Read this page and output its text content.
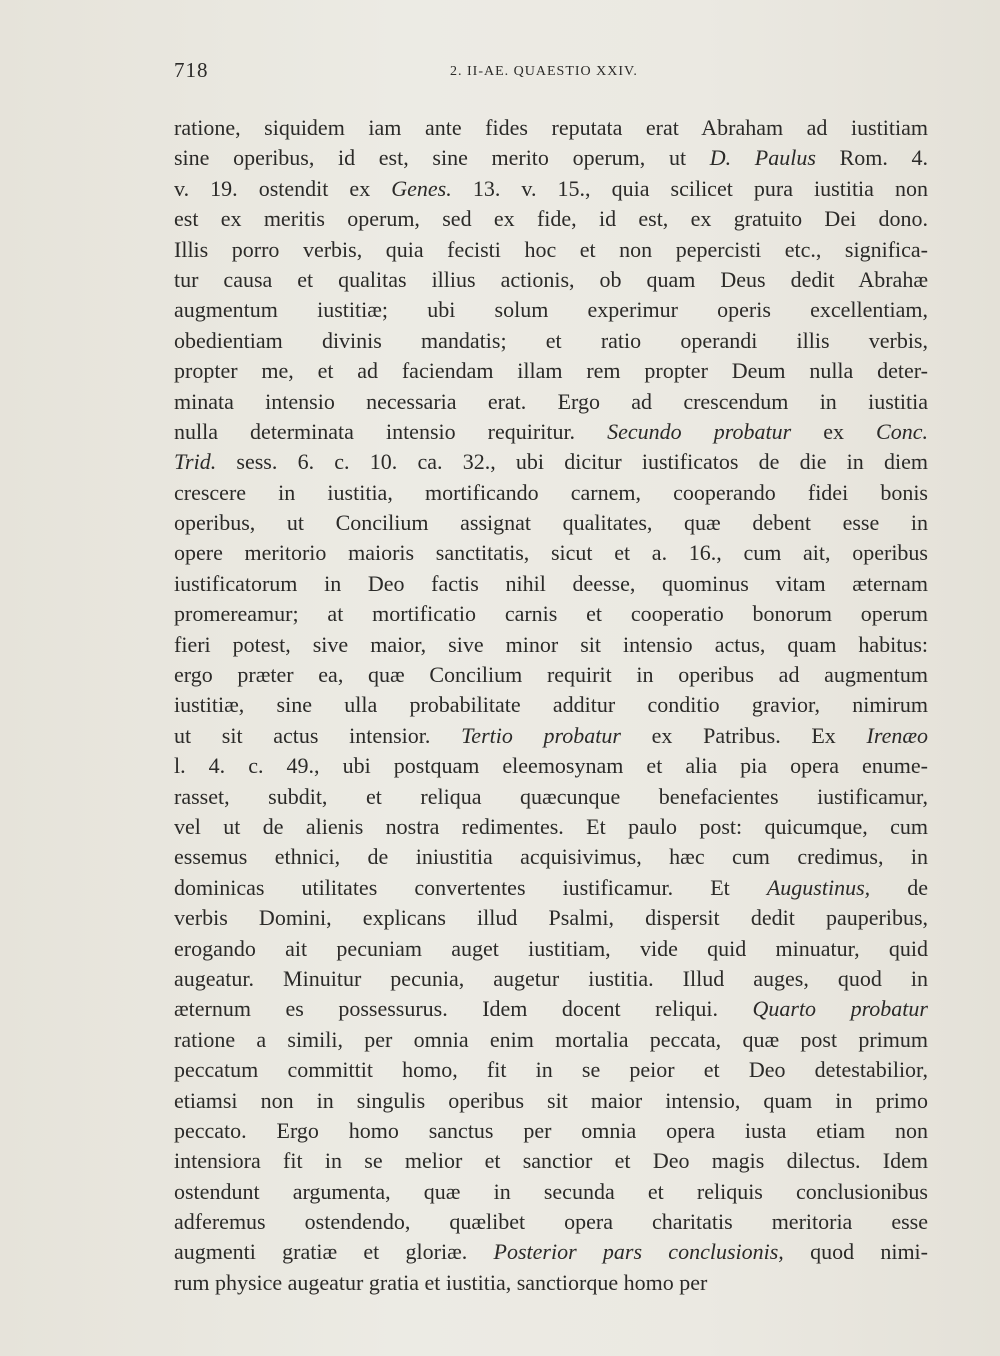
718	2. II-AE. QUAESTIO XXIV.
ratione, siquidem iam ante fides reputata erat Abraham ad iustitiam
sine operibus, id est, sine merito operum, ut D. Paulus Rom. 4.
v. 19. ostendit ex Genes. 13. v. 15., quia scilicet pura iustitia non
est ex meritis operum, sed ex fide, id est, ex gratuito Dei dono.
Illis porro verbis, quia fecisti hoc et non pepercisti etc., significa-
tur causa et qualitas illius actionis, ob quam Deus dedit Abrahæ
augmentum iustitiæ; ubi solum experimur operis excellentiam,
obedientiam divinis mandatis; et ratio operandi illis verbis,
propter me, et ad faciendam illam rem propter Deum nulla deter-
minata intensio necessaria erat. Ergo ad crescendum in iustitia
nulla determinata intensio requiritur. Secundo probatur ex Conc.
Trid. sess. 6. c. 10. ca. 32., ubi dicitur iustificatos de die in diem
crescere in iustitia, mortificando carnem, cooperando fidei bonis
operibus, ut Concilium assignat qualitates, quæ debent esse in
opere meritorio maioris sanctitatis, sicut et a. 16., cum ait, operibus
iustificatorum in Deo factis nihil deesse, quominus vitam æternam
promereamur; at mortificatio carnis et cooperatio bonorum operum
fieri potest, sive maior, sive minor sit intensio actus, quam habitus:
ergo præter ea, quæ Concilium requirit in operibus ad augmentum
iustitiæ, sine ulla probabilitate additur conditio gravior, nimirum
ut sit actus intensior. Tertio probatur ex Patribus. Ex Irenæo
l. 4. c. 49., ubi postquam eleemosynam et alia pia opera enume-
rasset, subdit, et reliqua quæcunque benefacientes iustificamur,
vel ut de alienis nostra redimentes. Et paulo post: quicumque, cum
essemus ethnici, de iniustitia acquisivimus, hæc cum credimus, in
dominicas utilitates convertentes iustificamur. Et Augustinus, de
verbis Domini, explicans illud Psalmi, dispersit dedit pauperibus,
erogando ait pecuniam auget iustitiam, vide quid minuatur, quid
augeatur. Minuitur pecunia, augetur iustitia. Illud auges, quod in
æternum es possessurus. Idem docent reliqui. Quarto probatur
ratione a simili, per omnia enim mortalia peccata, quæ post primum
peccatum committit homo, fit in se peior et Deo detestabilior,
etiamsi non in singulis operibus sit maior intensio, quam in primo
peccato. Ergo homo sanctus per omnia opera iusta etiam non
intensiora fit in se melior et sanctior et Deo magis dilectus. Idem
ostendunt argumenta, quæ in secunda et reliquis conclusionibus
adferemus ostendendo, quælibet opera charitatis meritoria esse
augmenti gratiæ et gloriæ. Posterior pars conclusionis, quod nimi-
rum physice augeatur gratia et iustitia, sanctiorque homo per
